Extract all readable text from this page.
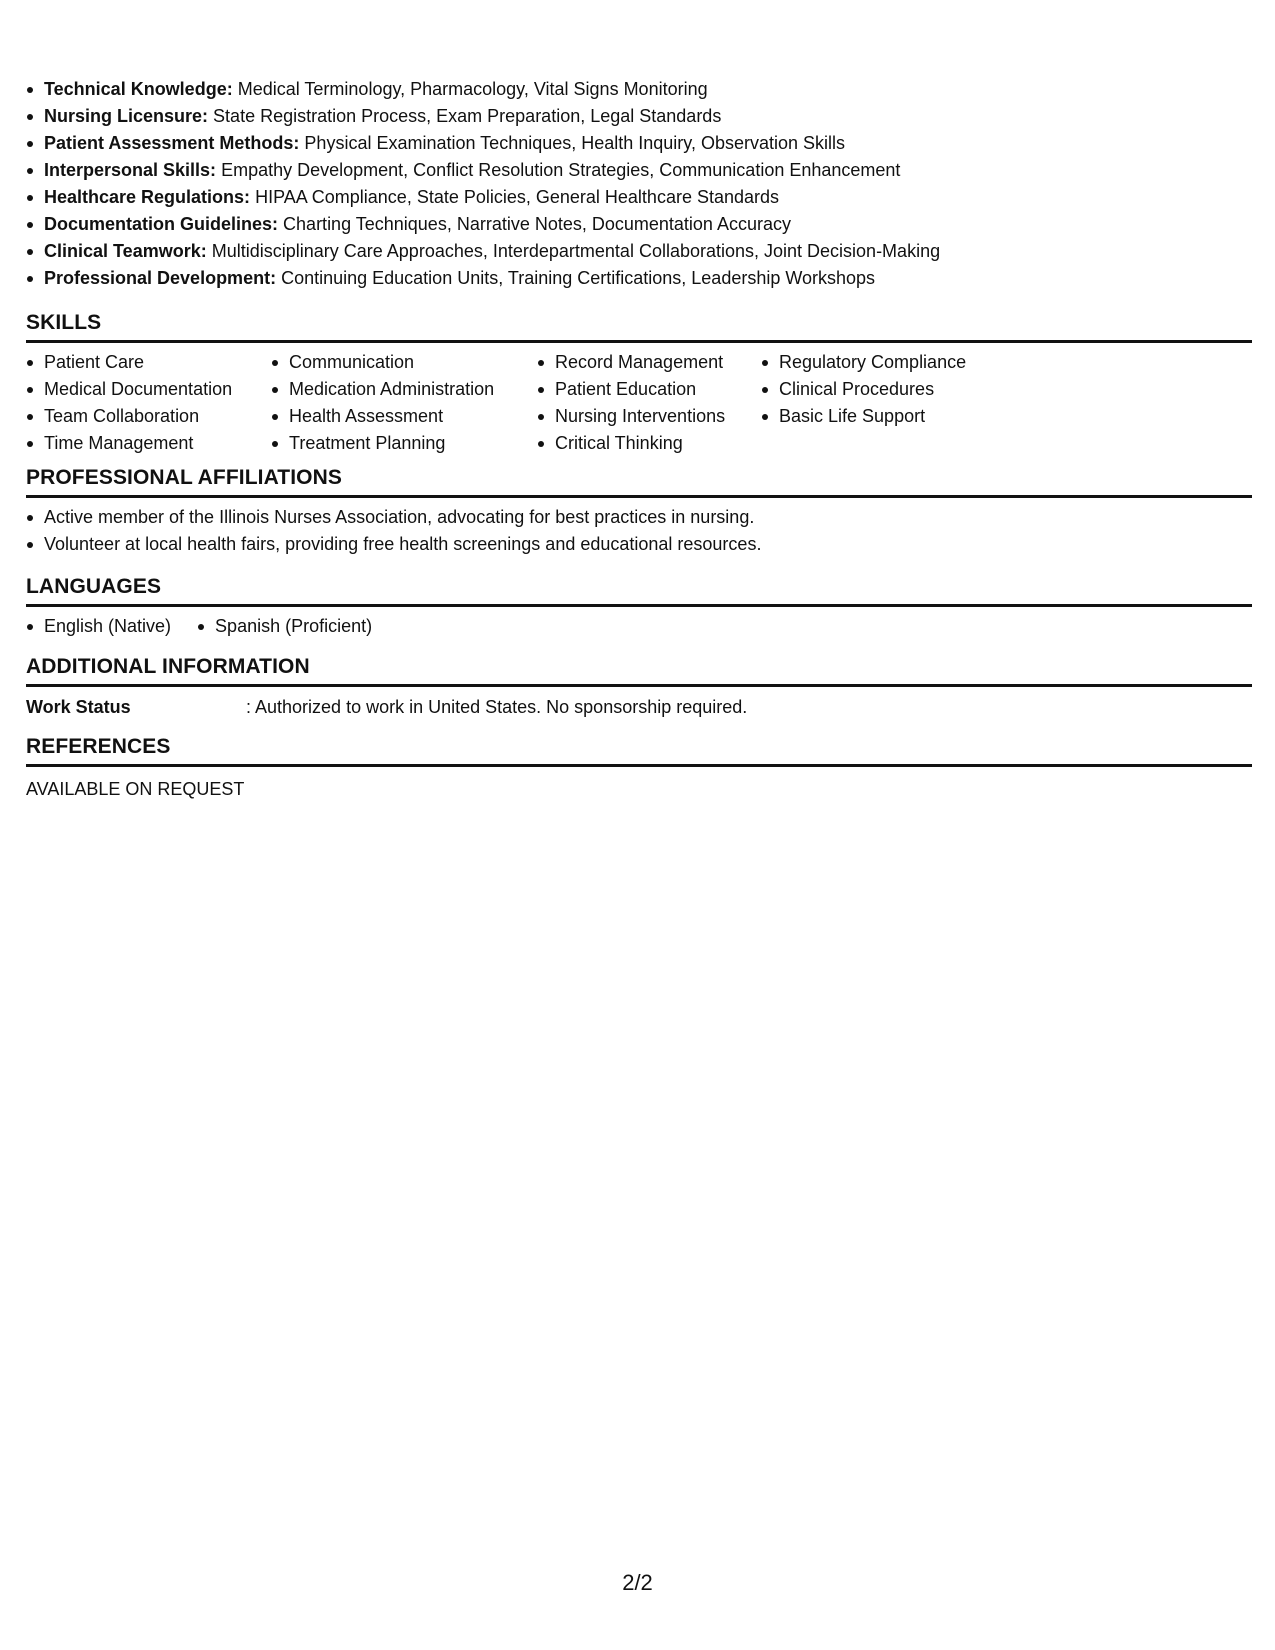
Technical Knowledge: Medical Terminology, Pharmacology, Vital Signs Monitoring
Nursing Licensure: State Registration Process, Exam Preparation, Legal Standards
Patient Assessment Methods: Physical Examination Techniques, Health Inquiry, Observation Skills
Interpersonal Skills: Empathy Development, Conflict Resolution Strategies, Communication Enhancement
Healthcare Regulations: HIPAA Compliance, State Policies, General Healthcare Standards
Documentation Guidelines: Charting Techniques, Narrative Notes, Documentation Accuracy
Clinical Teamwork: Multidisciplinary Care Approaches, Interdepartmental Collaborations, Joint Decision-Making
Professional Development: Continuing Education Units, Training Certifications, Leadership Workshops
SKILLS
Patient Care
Medical Documentation
Team Collaboration
Time Management
Communication
Medication Administration
Health Assessment
Treatment Planning
Record Management
Patient Education
Nursing Interventions
Critical Thinking
Regulatory Compliance
Clinical Procedures
Basic Life Support
PROFESSIONAL AFFILIATIONS
Active member of the Illinois Nurses Association, advocating for best practices in nursing.
Volunteer at local health fairs, providing free health screenings and educational resources.
LANGUAGES
English (Native)	Spanish (Proficient)
ADDITIONAL INFORMATION
Work Status	: Authorized to work in United States. No sponsorship required.
REFERENCES
AVAILABLE ON REQUEST
2/2
